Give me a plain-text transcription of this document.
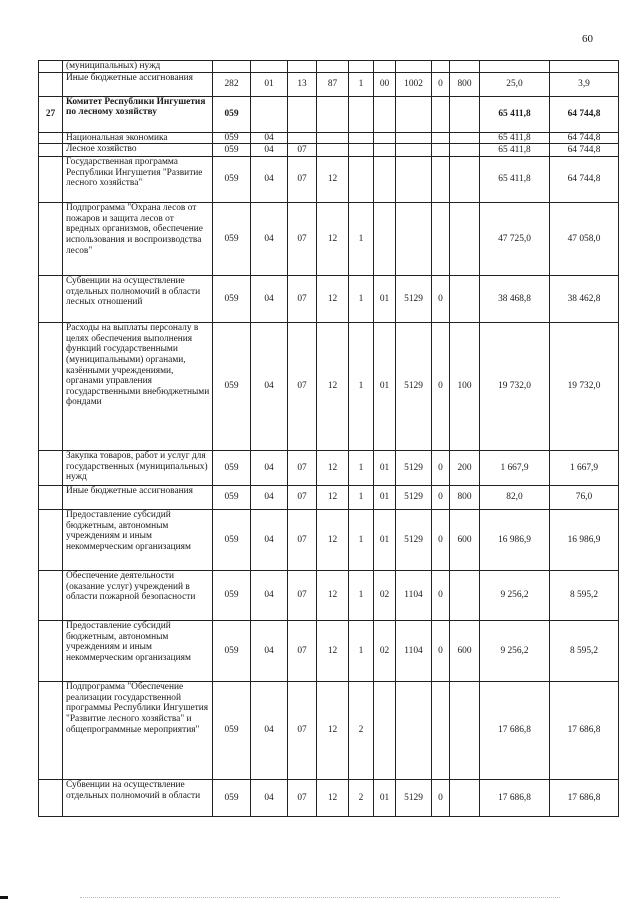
60
	(муниципальных) нужд											
	Иные бюджетные ассигнования	282	01	13	87	1	00	1002	0	800	25,0	3,9
27	Комитет Республики Ингушетия по лесному хозяйству	059									65 411,8	64 744,8
	Национальная экономика	059	04								65 411,8	64 744,8
	Лесное хозяйство	059	04	07							65 411,8	64 744,8
	Государственная программа Республики Ингушетия "Развитие лесного хозяйства"	059	04	07	12						65 411,8	64 744,8
	Подпрограмма "Охрана лесов от пожаров и защита лесов от вредных организмов, обеспечение использования и воспроизводства лесов"	059	04	07	12	1					47 725,0	47 058,0
	Субвенции на осуществление отдельных полномочий в области лесных отношений	059	04	07	12	1	01	5129	0		38 468,8	38 462,8
	Расходы на выплаты персоналу в целях обеспечения выполнения функций государственными (муниципальными) органами, казёнными учреждениями, органами управления государственными внебюджетными фондами	059	04	07	12	1	01	5129	0	100	19 732,0	19 732,0
	Закупка товаров, работ и услуг для государственных (муниципальных) нужд	059	04	07	12	1	01	5129	0	200	1 667,9	1 667,9
	Иные бюджетные ассигнования	059	04	07	12	1	01	5129	0	800	82,0	76,0
	Предоставление субсидий бюджетным, автономным учреждениям и иным некоммерческим организациям	059	04	07	12	1	01	5129	0	600	16 986,9	16 986,9
	Обеспечение деятельности (оказание услуг) учреждений в области пожарной безопасности	059	04	07	12	1	02	1104	0		9 256,2	8 595,2
	Предоставление субсидий бюджетным, автономным учреждениям и иным некоммерческим организациям	059	04	07	12	1	02	1104	0	600	9 256,2	8 595,2
	Подпрограмма "Обеспечение реализации государственной программы Республики Ингушетия "Развитие лесного хозяйства" и общепрограммные мероприятия"	059	04	07	12	2					17 686,8	17 686,8
	Субвенции на осуществление отдельных полномочий в области	059	04	07	12	2	01	5129	0		17 686,8	17 686,8
